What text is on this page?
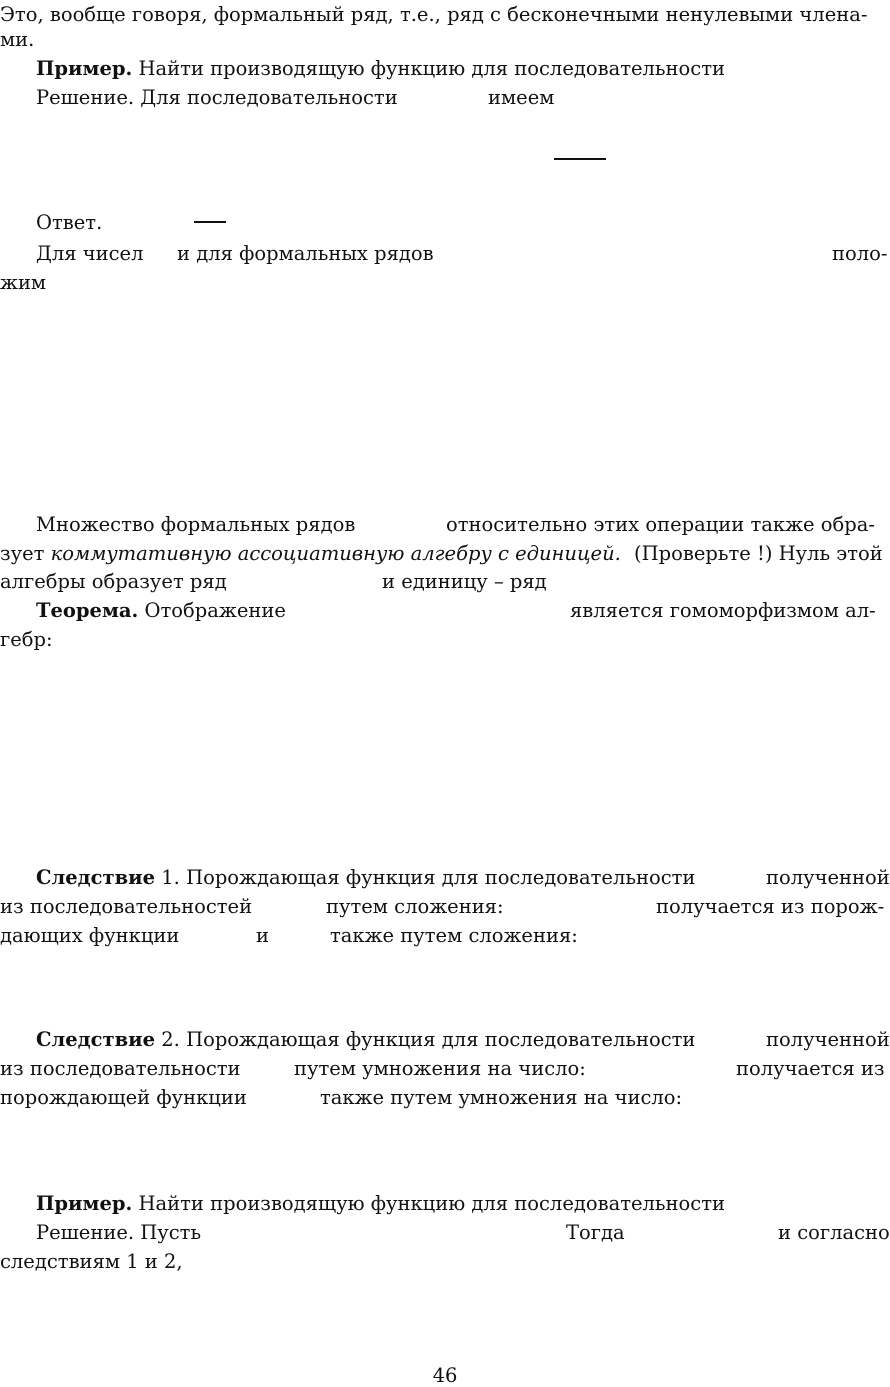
Это, вообще говоря, формальный ряд, т.е., ряд с бесконечными ненулевыми члена-
ми.
Пример. Найти производящую функцию для последовательности
Решение. Для последовательности	имеем
Ответ.
Для чисел и для формальных рядов	поло-
жим
Множество формальных рядов	относительно этих операции также обра-
зует коммутативную ассоциативную алгебру с единицей. (Проверьте !) Нуль этой
алгебры образует ряд	и единицу – ряд
Теорема. Отображение	является гомоморфизмом ал-
гебр:
Следствие 1. Порождающая функция для последовательности	полученной
из последовательностей	путем сложения:	получается из порож-
дающих функции	и	также путем сложения:
Следствие 2. Порождающая функция для последовательности	полученной
из последовательности	путем умножения на число:	получается из
порождающей функции	также путем умножения на число:
Пример. Найти производящую функцию для последовательности
Решение. Пусть	Тогда	и согласно
следствиям 1 и 2,
46
